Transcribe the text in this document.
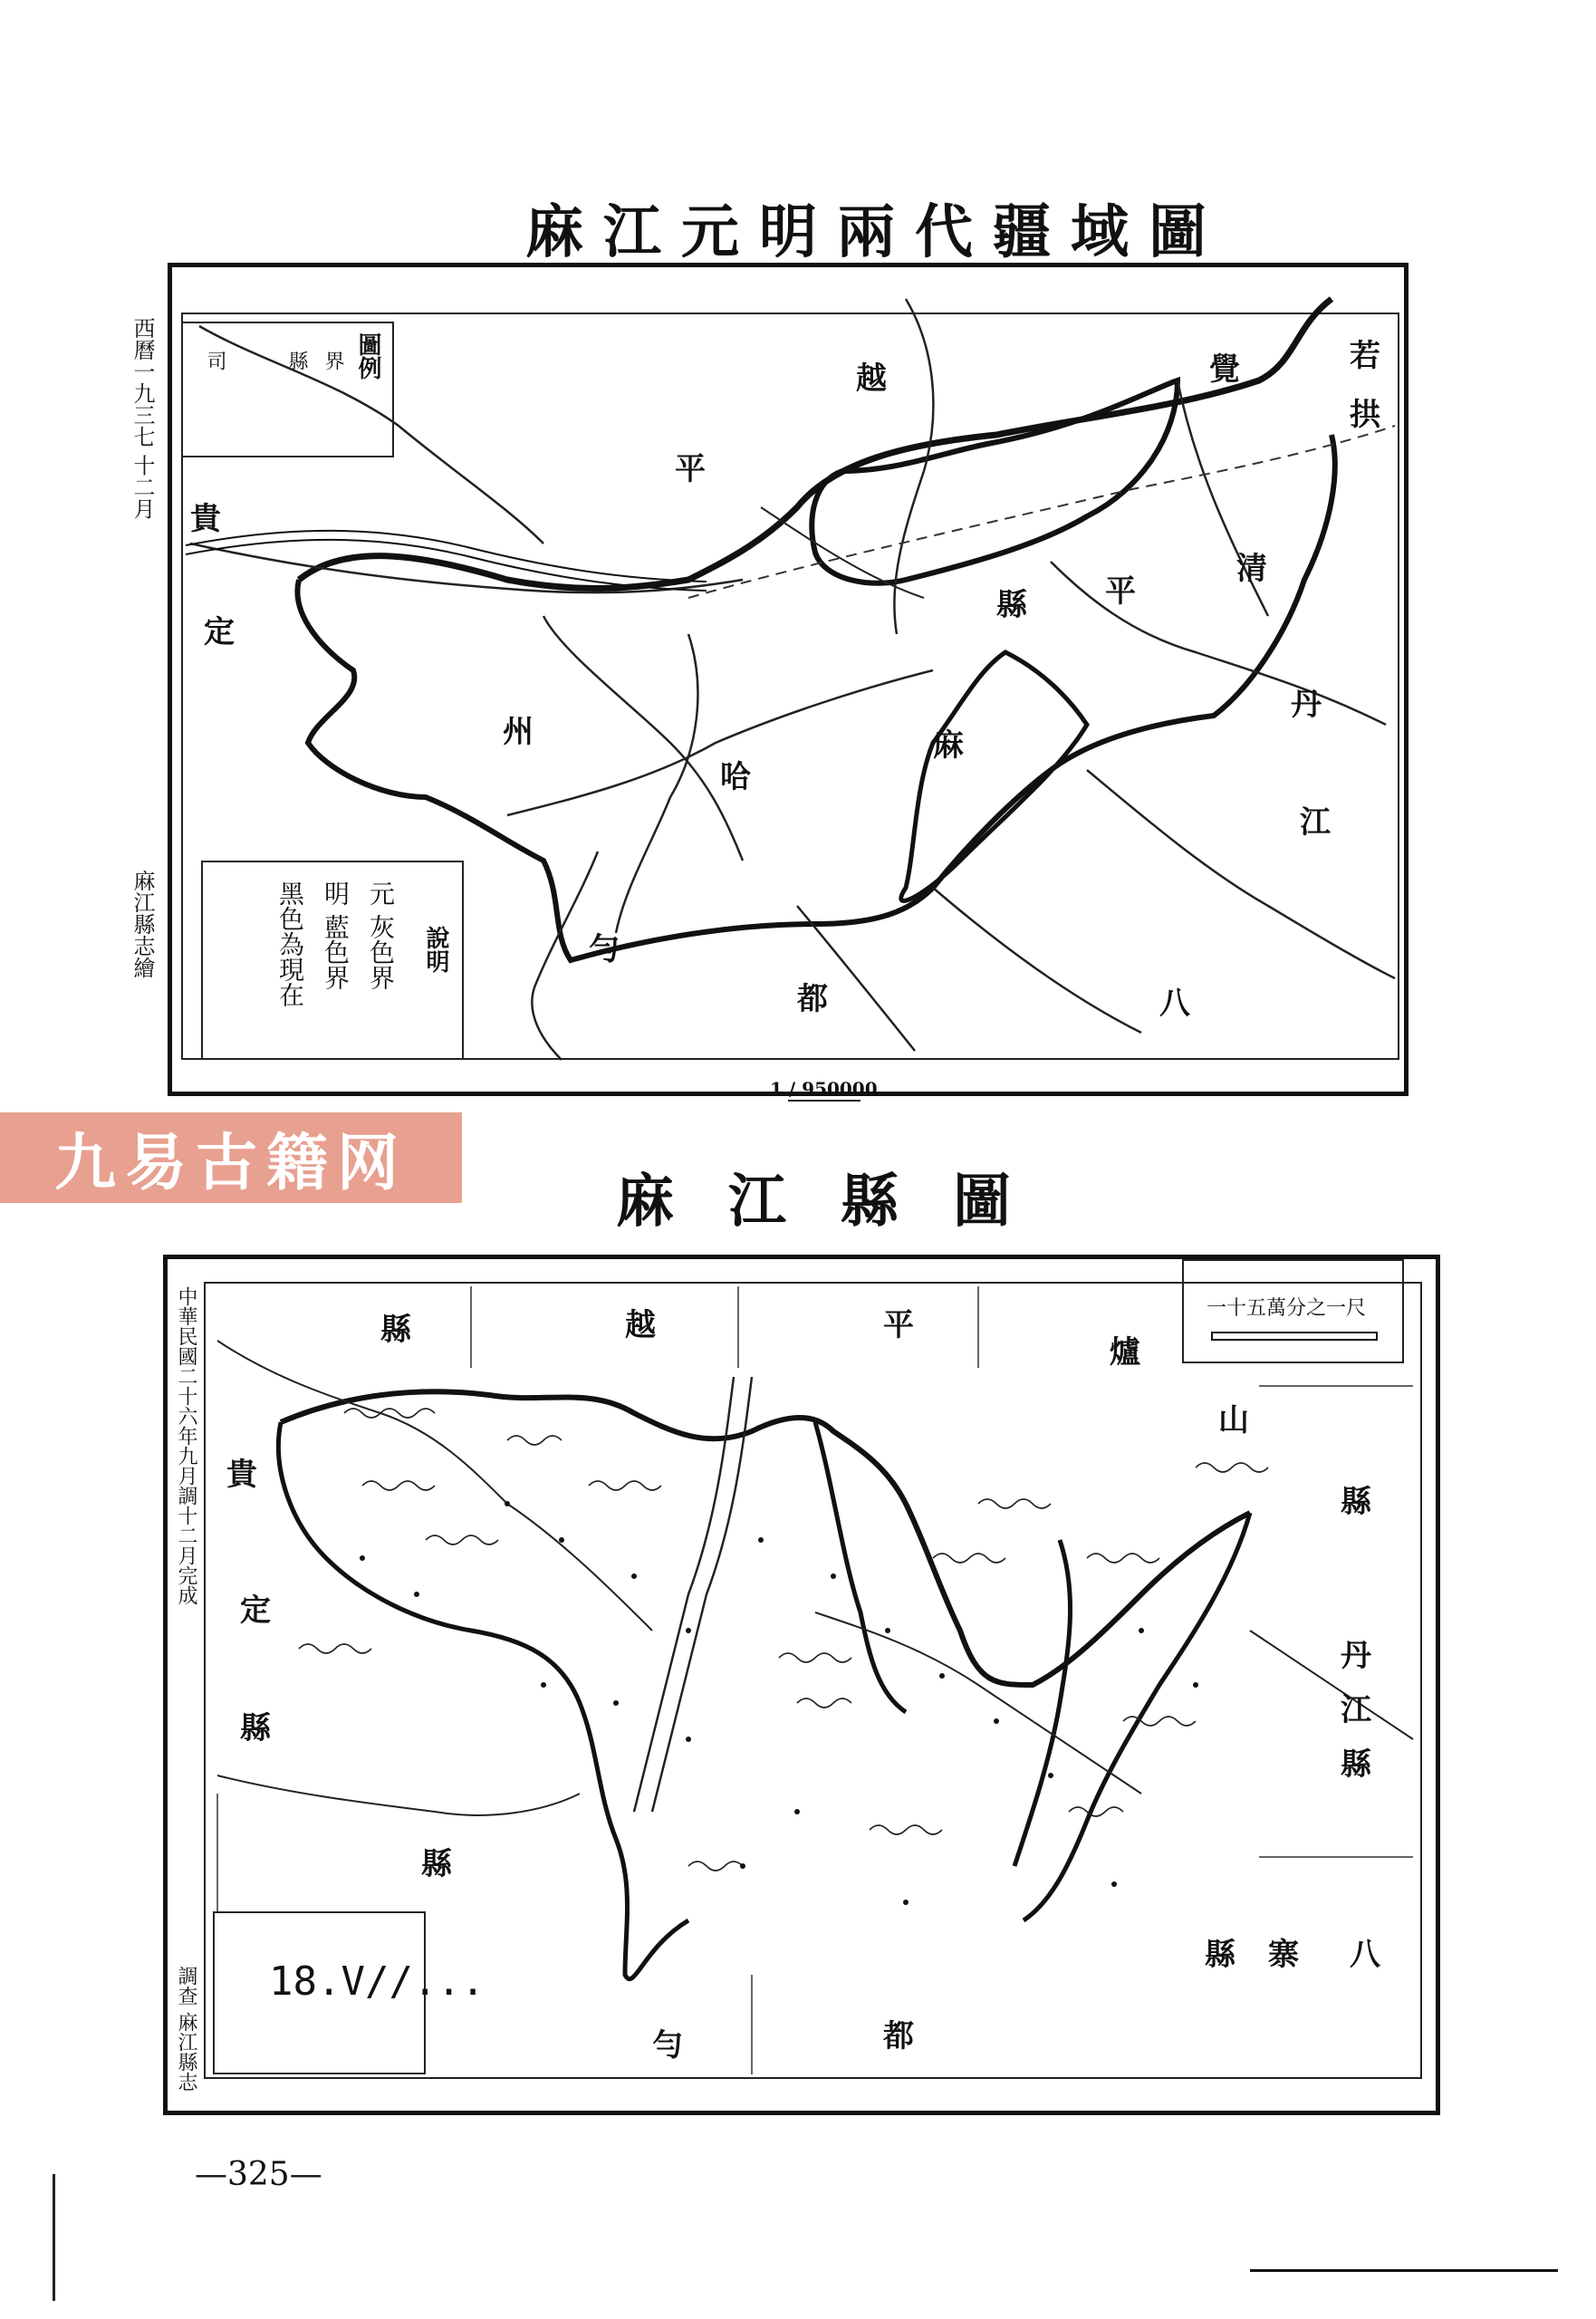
麻江元明兩代疆域圖
西曆一九三七 十二月
麻江縣志繪
圖例
縣
司	界
說明
元 灰色界
明 藍色界
黑色為現在
覺
平
越
清
平
縣
州	麻
哈
丹
江
八
勻
都
定
貴
若
拱
1 / 950000
九易古籍网
麻江縣圖
中華民國二十六年九月調十二月完成
調查 麻江縣志
一十五萬分之一尺
18.V//...
縣	越	平
爐
山
貴
定
縣
縣
丹
江
縣
八
寨
縣
勻	都
縣
—325—
